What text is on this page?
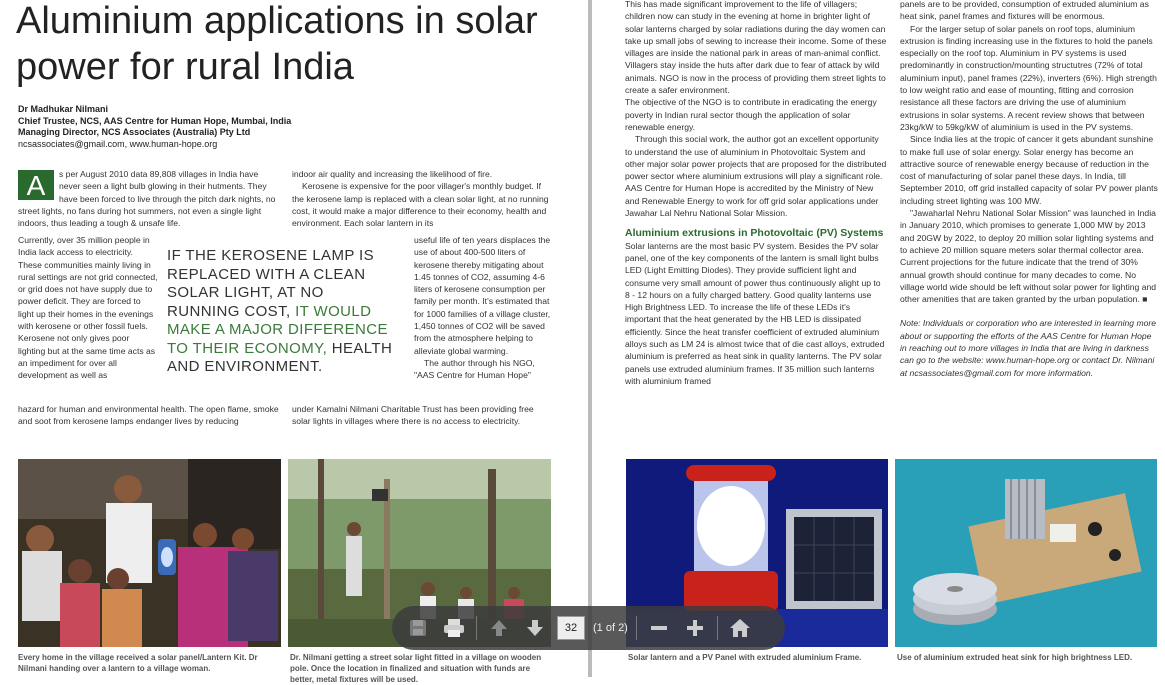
Aluminium applications in solar power for rural India
Dr Madhukar Nilmani
Chief Trustee, NCS, AAS Centre for Human Hope, Mumbai, India
Managing Director, NCS Associates (Australia) Pty Ltd
ncsassociates@gmail.com, www.human-hope.org

A	s per August 2010 data 89,808 villages in India have never seen a light bulb glowing in their hutments. They have been forced to live through the pitch dark nights, no street lights, no fans during hot summers, not even a single light indoors, thus leading a tough & unsafe life.

Currently, over 35 million people in India lack access to electricity. These communities mainly living in rural settings are not grid connected, or grid does not have supply due to power deficit. They are forced to light up their homes in the evenings with kerosene or other fossil fuels. Kerosene not only gives poor lighting but at the same time acts as an impediment for over all development as well as

hazard for human and environmental health. The open flame, smoke and soot from kerosene lamps endanger lives by reducing

indoor air quality and increasing the likelihood of fire.

Kerosene is expensive for the poor villager's monthly budget. If the kerosene lamp is replaced with a clean solar light, at no running cost, it would make a major difference to their economy, health and environment. Each solar lantern in its

useful life of ten years displaces the use of about 400-500 liters of kerosene thereby mitigating about 1.45 tonnes of CO2, assuming 4-6 liters of kerosene consumption per family per month. It's estimated that for 1000 families of a village cluster, 1,450 tonnes of CO2 will be saved from the atmosphere helping to alleviate global warming.

The author through his NGO, "AAS Centre for Human Hope"

under Kamalni Nilmani Charitable Trust has been providing free solar lights in villages where there is no access to electricity.

IF THE KEROSENE LAMP IS REPLACED WITH A CLEAN SOLAR LIGHT, AT NO RUNNING COST, IT WOULD MAKE A MAJOR DIFFERENCE TO THEIR ECONOMY, HEALTH AND ENVIRONMENT.
Every home in the village received a solar panel/Lantern Kit. Dr Nilmani handing over a lantern to a village woman.
Dr. Nilmani getting a street solar light fitted in a village on wooden pole. Once the location in finalized and situation with funds are better, metal fixtures will be used.

This has made significant improvement to the life of villagers; children now can study in the evening at home in brighter light of solar lanterns charged by solar radiations during the day women can take up small jobs of sewing to increase their income. Some of these villages are inside the national park in areas of man-animal conflict. Villagers stay inside the huts after dark due to fear of attack by wild animals. NGO is now in the process of providing them street lights to create a safer environment.

The objective of the NGO is to contribute in eradicating the energy poverty in Indian rural sector though the application of solar renewable energy.

Through this social work, the author got an excellent opportunity to understand the use of aluminium in Photovoltaic System and other major solar power projects that are proposed for the distributed power sector where aluminium extrusions will play a significant role. AAS Centre for Human Hope is accredited by the Ministry of New and Renewable Energy to work for off grid solar applications under Jawahar Lal Nehru National Solar Mission.

Aluminium extrusions in Photovoltaic (PV) Systems

Solar lanterns are the most basic PV system. Besides the PV solar panel, one of the key components of the lantern is small light bulbs LED (Light Emitting Diodes). They provide sufficient light and consume very small amount of power thus continuously alight up to 8 - 12 hours on a fully charged battery. Good quality lanterns use High Brightness LED. To increase the life of these LEDs it's important that the heat generated by the HB LED is dissipated efficiently. Since the heat transfer coefficient of extruded aluminium alloys such as LM 24 is almost twice that of die cast alloys, extruded aluminium is preferred as heat sink in quality lanterns. The PV solar panels use extruded aluminium frames. If 35 million such lanterns with aluminium framed

panels are to be provided, consumption of extruded aluminium as heat sink, panel frames and fixtures will be enormous.

For the larger setup of solar panels on roof tops, aluminium extrusion is finding increasing use in the fixtures to hold the panels especially on the roof top. Aluminium in PV systems is used predominantly in construction/mounting structutres (72% of total aluminium input), panel frames (22%), inverters (6%). High strength to low weight ratio and ease of mounting, fitting and corrosion resistance all these factors are driving the use of aluminium extrusions in solar systems. A recent review shows that between 23kg/kW to 59kg/kW of aluminium is used in the PV systems.

Since India lies at the tropic of cancer it gets abundant sunshine to make full use of solar energy. Solar energy has become an attractive source of renewable energy because of reduction in the cost of manufacturing of solar panel these days. In India, till September 2010, off grid installed capacity of solar PV power plants including street lighting was 100 MW.

"Jawaharlal Nehru National Solar Mission" was launched in India in January 2010, which promises to generate 1,000 MW by 2013 and 20GW by 2022, to deploy 20 million solar lighting systems and to achieve 20 million square meters solar thermal collector area. Current projections for the future indicate that the trend of 30% annual growth should continue for many decades to come. No village world wide should be left without solar power for lighting and other amenities that are taken granted by the urban population. ■

Note: Individuals or corporation who are interested in learning more about or supporting the efforts of the AAS Centre for Human Hope in reaching out to more villages in India that are living in darkness can go to the website: www.human-hope.org or contact Dr. Nilmani at ncsassociates@gmail.com for more information.

Solar lantern and a PV Panel with extruded aluminium Frame.	Use of aluminium extruded heat sink for high brightness LED.
32
(1 of 2)
